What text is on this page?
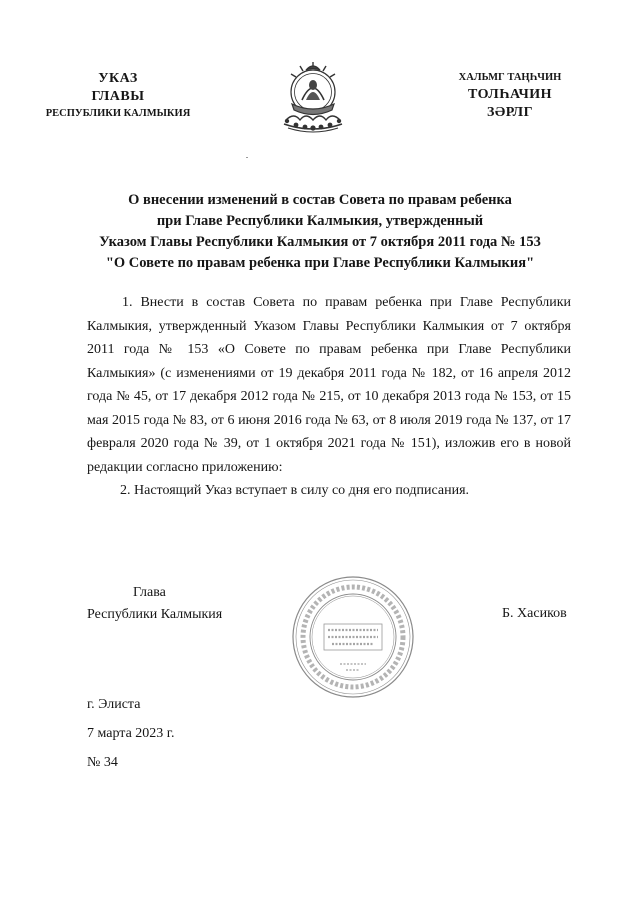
УКАЗ
ГЛАВЫ
РЕСПУБЛИКИ КАЛМЫКИЯ
ХАЛЬМГ ТАҢҺЧИН
ТОЛҺАЧИН
ЗӘРЛГ
О внесении изменений в состав Совета по правам ребенка
при Главе Республики Калмыкия, утвержденный
Указом Главы Республики Калмыкия от 7 октября 2011 года № 153
"О Совете по правам ребенка при Главе Республики Калмыкия"

1. Внести в состав Совета по правам ребенка при Главе Республики Калмыкия, утвержденный Указом Главы Республики Калмыкия от 7 октября 2011 года № 153 «О Совете по правам ребенка при Главе Республики Калмыкия» (с изменениями от 19 декабря 2011 года № 182, от 16 апреля 2012 года № 45, от 17 декабря 2012 года № 215, от 10 декабря 2013 года № 153, от 15 мая 2015 года № 83, от 6 июня 2016 года № 63, от 8 июля 2019 года № 137, от 17 февраля 2020 года № 39, от 1 октября 2021 года № 151), изложив его в новой редакции согласно приложению:

2. Настоящий Указ вступает в силу со дня его подписания.

Глава
Республики Калмыкия	Б. Хасиков
г. Элиста
7 марта 2023 г.
№ 34
